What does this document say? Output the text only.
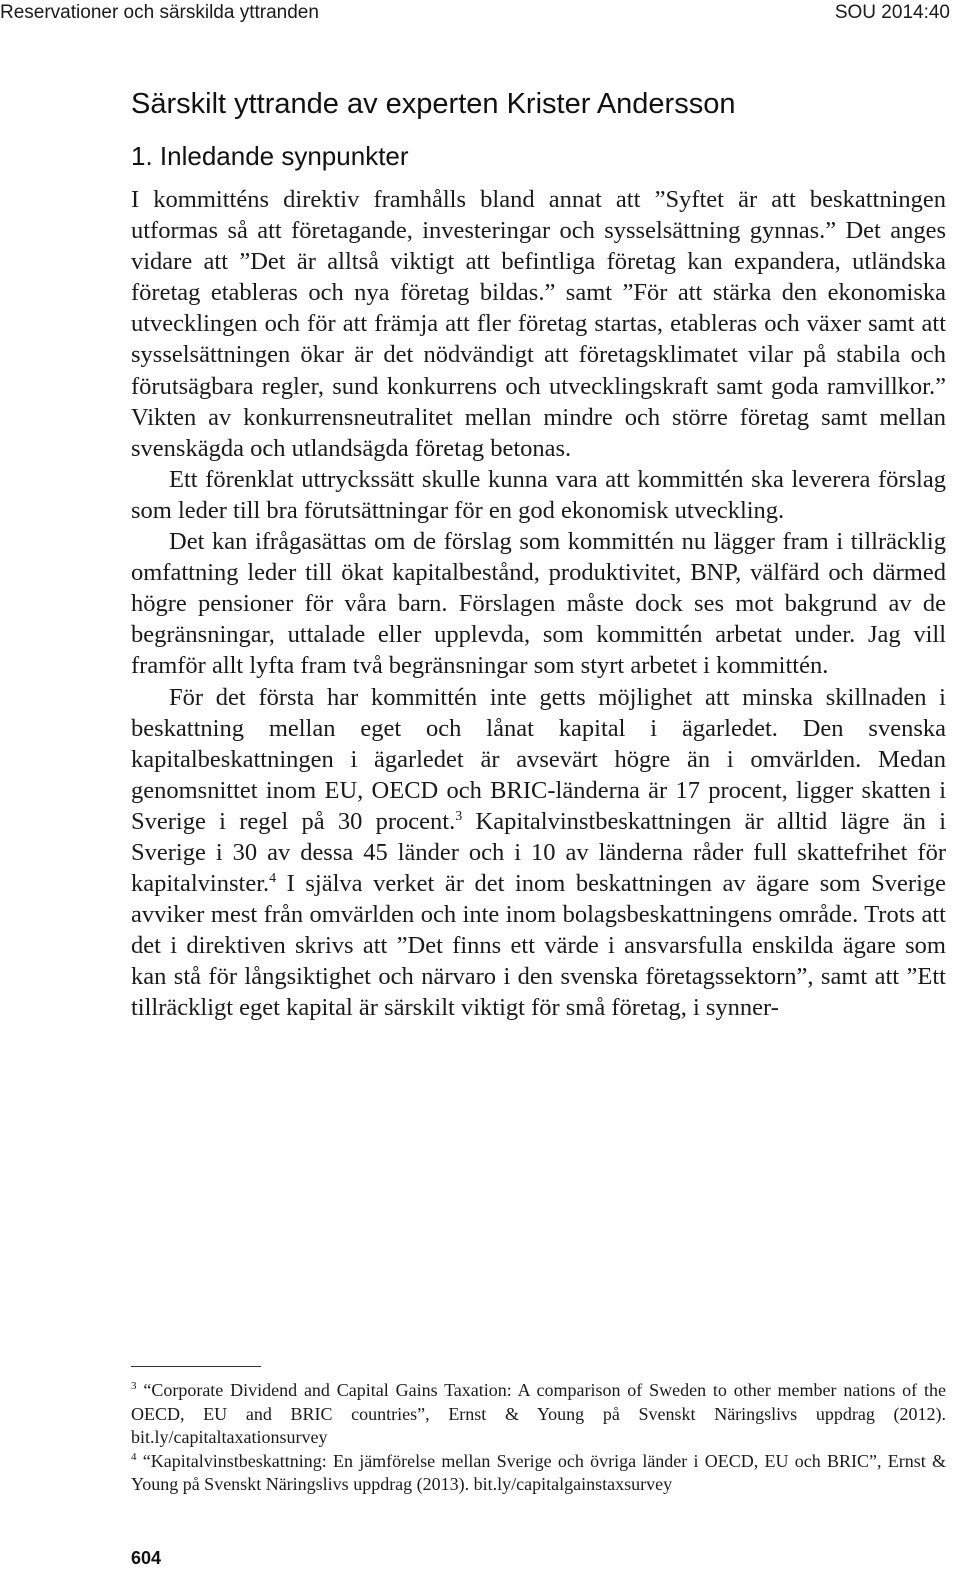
Reservationer och särskilda yttranden	SOU 2014:40
Särskilt yttrande av experten Krister Andersson
1. Inledande synpunkter

I kommitténs direktiv framhålls bland annat att ”Syftet är att beskattningen utformas så att företagande, investeringar och sysselsättning gynnas.” Det anges vidare att ”Det är alltså viktigt att befintliga företag kan expandera, utländska företag etableras och nya företag bildas.” samt ”För att stärka den ekonomiska utvecklingen och för att främja att fler företag startas, etableras och växer samt att sysselsättningen ökar är det nödvändigt att företagsklimatet vilar på stabila och förutsägbara regler, sund konkurrens och utvecklingskraft samt goda ramvillkor.” Vikten av konkurrensneutralitet mellan mindre och större företag samt mellan svenskägda och utlandsägda företag betonas.

Ett förenklat uttryckssätt skulle kunna vara att kommittén ska leverera förslag som leder till bra förutsättningar för en god ekonomisk utveckling.

Det kan ifrågasättas om de förslag som kommittén nu lägger fram i tillräcklig omfattning leder till ökat kapitalbestånd, produktivitet, BNP, välfärd och därmed högre pensioner för våra barn. Förslagen måste dock ses mot bakgrund av de begränsningar, uttalade eller upplevda, som kommittén arbetat under. Jag vill framför allt lyfta fram två begränsningar som styrt arbetet i kommittén.

För det första har kommittén inte getts möjlighet att minska skillnaden i beskattning mellan eget och lånat kapital i ägarledet. Den svenska kapitalbeskattningen i ägarledet är avsevärt högre än i omvärlden. Medan genomsnittet inom EU, OECD och BRIC-länderna är 17 procent, ligger skatten i Sverige i regel på 30 procent.$^3$ Kapitalvinstbeskattningen är alltid lägre än i Sverige i 30 av dessa 45 länder och i 10 av länderna råder full skattefrihet för kapitalvinster.$^4$ I själva verket är det inom beskattningen av ägare som Sverige avviker mest från omvärlden och inte inom bolagsbeskattningens område. Trots att det i direktiven skrivs att ”Det finns ett värde i ansvarsfulla enskilda ägare som kan stå för långsiktighet och närvaro i den svenska företagssektorn”, samt att ”Ett tillräckligt eget kapital är särskilt viktigt för små företag, i synner-

$^3$ “Corporate Dividend and Capital Gains Taxation: A comparison of Sweden to other member nations of the OECD, EU and BRIC countries”, Ernst & Young på Svenskt Näringslivs uppdrag (2012). bit.ly/capitaltaxationsurvey

$^4$ “Kapitalvinstbeskattning: En jämförelse mellan Sverige och övriga länder i OECD, EU och BRIC”, Ernst & Young på Svenskt Näringslivs uppdrag (2013). bit.ly/capitalgainstaxsurvey

604
